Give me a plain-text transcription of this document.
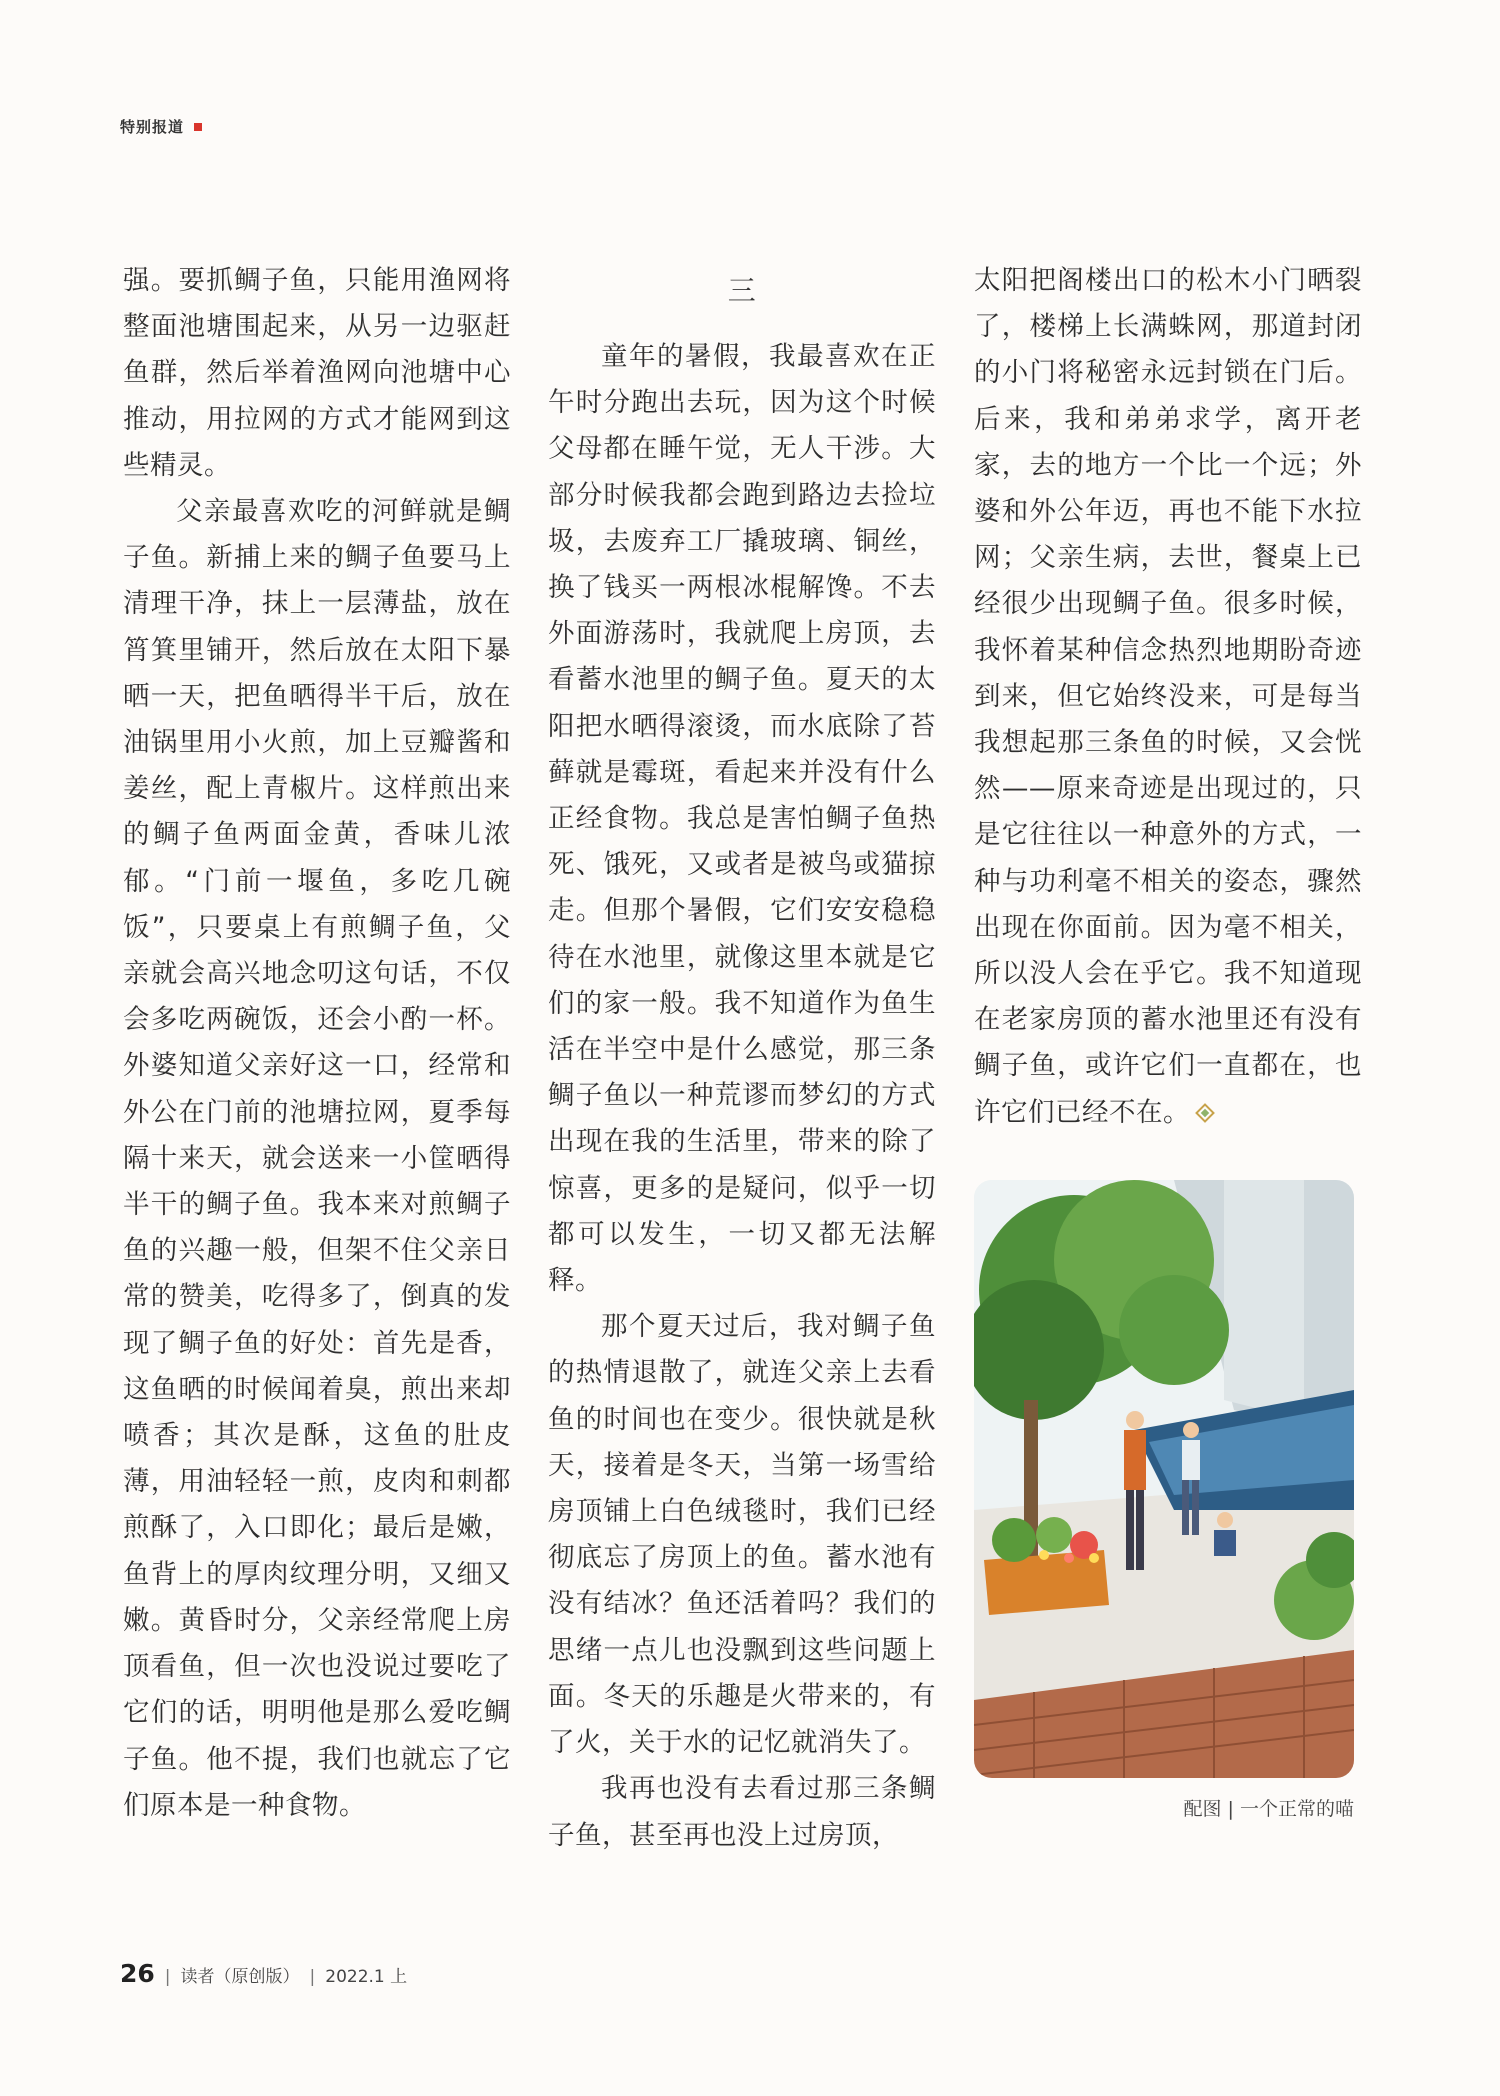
特别报道

强。要抓鲷子鱼，只能用渔网将整面池塘围起来，从另一边驱赶鱼群，然后举着渔网向池塘中心推动，用拉网的方式才能网到这些精灵。

父亲最喜欢吃的河鲜就是鲷子鱼。新捕上来的鲷子鱼要马上清理干净，抹上一层薄盐，放在筲箕里铺开，然后放在太阳下暴晒一天，把鱼晒得半干后，放在油锅里用小火煎，加上豆瓣酱和姜丝，配上青椒片。这样煎出来的鲷子鱼两面金黄，香味儿浓郁。“门前一堰鱼，多吃几碗饭”，只要桌上有煎鲷子鱼，父亲就会高兴地念叨这句话，不仅会多吃两碗饭，还会小酌一杯。外婆知道父亲好这一口，经常和外公在门前的池塘拉网，夏季每隔十来天，就会送来一小筐晒得半干的鲷子鱼。我本来对煎鲷子鱼的兴趣一般，但架不住父亲日常的赞美，吃得多了，倒真的发现了鲷子鱼的好处：首先是香，这鱼晒的时候闻着臭，煎出来却喷香；其次是酥，这鱼的肚皮薄，用油轻轻一煎，皮肉和刺都煎酥了，入口即化；最后是嫩，鱼背上的厚肉纹理分明，又细又嫩。黄昏时分，父亲经常爬上房顶看鱼，但一次也没说过要吃了它们的话，明明他是那么爱吃鲷子鱼。他不提，我们也就忘了它们原本是一种食物。

三

童年的暑假，我最喜欢在正午时分跑出去玩，因为这个时候父母都在睡午觉，无人干涉。大部分时候我都会跑到路边去捡垃圾，去废弃工厂撬玻璃、铜丝，换了钱买一两根冰棍解馋。不去外面游荡时，我就爬上房顶，去看蓄水池里的鲷子鱼。夏天的太阳把水晒得滚烫，而水底除了苔藓就是霉斑，看起来并没有什么正经食物。我总是害怕鲷子鱼热死、饿死，又或者是被鸟或猫掠走。但那个暑假，它们安安稳稳待在水池里，就像这里本就是它们的家一般。我不知道作为鱼生活在半空中是什么感觉，那三条鲷子鱼以一种荒谬而梦幻的方式出现在我的生活里，带来的除了惊喜，更多的是疑问，似乎一切都可以发生，一切又都无法解释。

那个夏天过后，我对鲷子鱼的热情退散了，就连父亲上去看鱼的时间也在变少。很快就是秋天，接着是冬天，当第一场雪给房顶铺上白色绒毯时，我们已经彻底忘了房顶上的鱼。蓄水池有没有结冰？鱼还活着吗？我们的思绪一点儿也没飘到这些问题上面。冬天的乐趣是火带来的，有了火，关于水的记忆就消失了。

我再也没有去看过那三条鲷子鱼，甚至再也没上过房顶，

太阳把阁楼出口的松木小门晒裂了，楼梯上长满蛛网，那道封闭的小门将秘密永远封锁在门后。后来，我和弟弟求学，离开老家，去的地方一个比一个远；外婆和外公年迈，再也不能下水拉网；父亲生病，去世，餐桌上已经很少出现鲷子鱼。很多时候，我怀着某种信念热烈地期盼奇迹到来，但它始终没来，可是每当我想起那三条鱼的时候，又会恍然——原来奇迹是出现过的，只是它往往以一种意外的方式，一种与功利毫不相关的姿态，骤然出现在你面前。因为毫不相关，所以没人会在乎它。我不知道现在老家房顶的蓄水池里还有没有鲷子鱼，或许它们一直都在，也许它们已经不在。

配图 | 一个正常的喵
26 | 读者（原创版） | 2022.1 上
